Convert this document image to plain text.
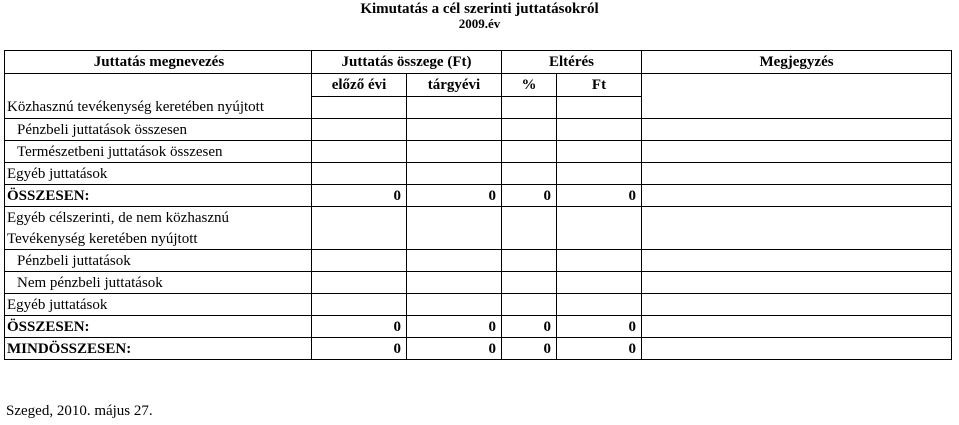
Kimutatás a cél szerinti juttatásokról
2009.év
Juttatás megnevezés	Juttatás összege (Ft)		Eltérés		Megjegyzés
	előző évi	tárgyévi	%	Ft	
Közhasznú tevékenység keretében nyújtott					
Pénzbeli juttatások összesen					
Természetbeni juttatások összesen					
Egyéb juttatások					
ÖSSZESEN:	0	0	0	0	
Egyéb célszerinti, de nem közhasznú					
Tevékenység keretében nyújtott					
Pénzbeli juttatások					
Nem pénzbeli juttatások					
Egyéb juttatások					
ÖSSZESEN:	0	0	0	0	
MINDÖSSZESEN:	0	0	0	0	
Szeged, 2010. május 27.
